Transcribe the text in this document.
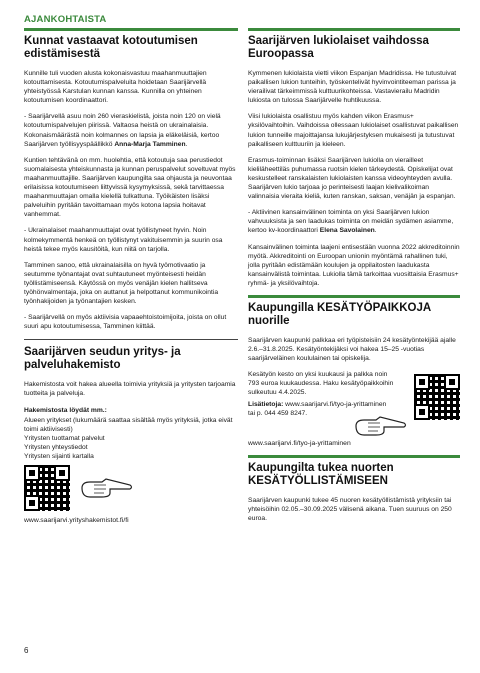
AJANKOHTAISTA
Kunnat vastaavat kotoutumisen edistämisestä

Kunnille tuli vuoden alusta kokonaisvastuu maahanmuuttajien kotouttamisesta. Kotoutumispalveluita hoidetaan Saarijärvellä yhteistyössä Karstulan kunnan kanssa. Kunnilla on yhteinen kotoutumisen koordinaattori.

- Saarijärvellä asuu noin 260 vieraskielistä, joista noin 120 on vielä kotoutumispalvelujen piirissä. Valtaosa heistä on ukrainalaisia. Kokonaismäärästä noin kolmannes on lapsia ja eläkeläisiä, kertoo Saarijärven työllisyyspäällikkö Anna-Marja Tamminen.

Kuntien tehtävänä on mm. huolehtia, että kotoutuja saa perustiedot suomalaisesta yhteiskunnasta ja kunnan peruspalvelut soveltuvat myös maahanmuuttajille. Saarijärven kaupungilta saa ohjausta ja neuvontaa erilaisissa kotoutumiseen liittyvissä kysymyksissä, sekä tarvittaessa maahanmuuttajan omalla kielellä tulkattuna. Työikäisten lisäksi palveluihin pyritään tavoittamaan myös kotona lapsia hoitavat vanhemmat.

- Ukrainalaiset maahanmuuttajat ovat työllistyneet hyvin. Noin kolmekymmentä henkeä on työllistynyt vakituisemmin ja suurin osa heistä tekee myös kausitöitä, kun niitä on tarjolla.

Tamminen sanoo, että ukrainalaisilla on hyvä työmotivaatio ja seutumme työnantajat ovat suhtautuneet myönteisesti heidän työllistämiseensä. Käytössä on myös venäjän kielen hallitseva työhönvalmentaja, joka on auttanut ja helpottanut kommunikointia työnhakijoiden ja työnantajien kesken.

- Saarijärvellä on myös aktiivisia vapaaehtoistoimijoita, joista on ollut suuri apu kotoutumisessa, Tamminen kiittää.

Saarijärven seudun yritys- ja palveluhakemisto

Hakemistosta voit hakea alueella toimivia yrityksiä ja yritysten tarjoamia tuotteita ja palveluja.

Hakemistosta löydät mm.:

Alueen yritykset (lukumäärä saattaa sisältää myös yrityksiä, jotka eivät toimi aktiivisesti)
Yritysten tuottamat palvelut
Yritysten yhteystiedot
Yritysten sijainti kartalla
www.saarijarvi.yrityshakemistot.fi/fi
Saarijärven lukiolaiset vaihdossa Euroopassa

Kymmenen lukiolaista vietti viikon Espanjan Madridissa. He tutustuivat paikallisen lukion tunteihin, työskentelivät hyvinvointiteeman parissa ja vierailivat tärkeimmissä kulttuurikohteissa. Vastavierailu Madridin lukiosta on tulossa Saarijärvelle huhtikuussa.

Viisi lukiolaista osallistuu myös kahden viikon Erasmus+ yksilövaihtoihin. Vaihdoissa ollessaan lukiolaiset osallistuvat paikallisen lukion tunneille majoittajansa lukujärjestyksen mukaisesti ja tutustuvat paikalliseen kulttuuriin ja kieleen.

Erasmus-toiminnan lisäksi Saarijärven lukiolla on vierailleet kieliläheettiläs puhumassa ruotsin kielen tärkeydestä. Opiskelijat ovat keskustelleet ranskalaisten lukiolaisten kanssa videoyhteyden avulla. Saarijärven lukio tarjoaa jo perinteisesti laajan kielivalikoiman valinnaisia vieraita kieliä, kuten ranskan, saksan, venäjän ja espanjan.

- Aktiivinen kansainvälinen toiminta on yksi Saarijärven lukion vahvuuksista ja sen laadukas toiminta on meidän sydämen asiamme, kertoo kv-koordinaattori Elena Savolainen.

Kansainvälinen toiminta laajeni entisestään vuonna 2022 akkreditoinnin myötä. Akkreditointi on Euroopan unionin myöntämä rahallinen tuki, jolla pyritään edistämään koulujen ja oppilaitosten laadukasta kansainvälistä toimintaa. Lukiolla tämä tarkoittaa vuosittaisia Erasmus+ ryhmä- ja yksilövaihtoja.

Kaupungilla KESÄTYÖPAIKKOJA nuorille

Saarijärven kaupunki palkkaa eri työpisteisiin 24 kesätyöntekijää ajalle 2.6.–31.8.2025. Kesätyöntekijäksi voi hakea 15–25 -vuotias saarijärveläinen koululainen tai opiskelija.

Kesätyön kesto on yksi kuukausi ja palkka noin 793 euroa kuukaudessa. Haku kesätyöpaikkoihin sulkeutuu 4.4.2025.

Lisätietoja: www.saarijarvi.fi/tyo-ja-yrittaminen
tai p. 044 459 8247.
www.saarijarvi.fi/tyo-ja-yrittaminen
Kaupungilta tukea nuorten KESÄTYÖLLISTÄMISEEN

Saarijärven kaupunki tukee 45 nuoren kesätyöllistämistä yrityksiin tai yhteisöihin 02.05.–30.09.2025 välisenä aikana. Tuen suuruus on 250 euroa.

6
